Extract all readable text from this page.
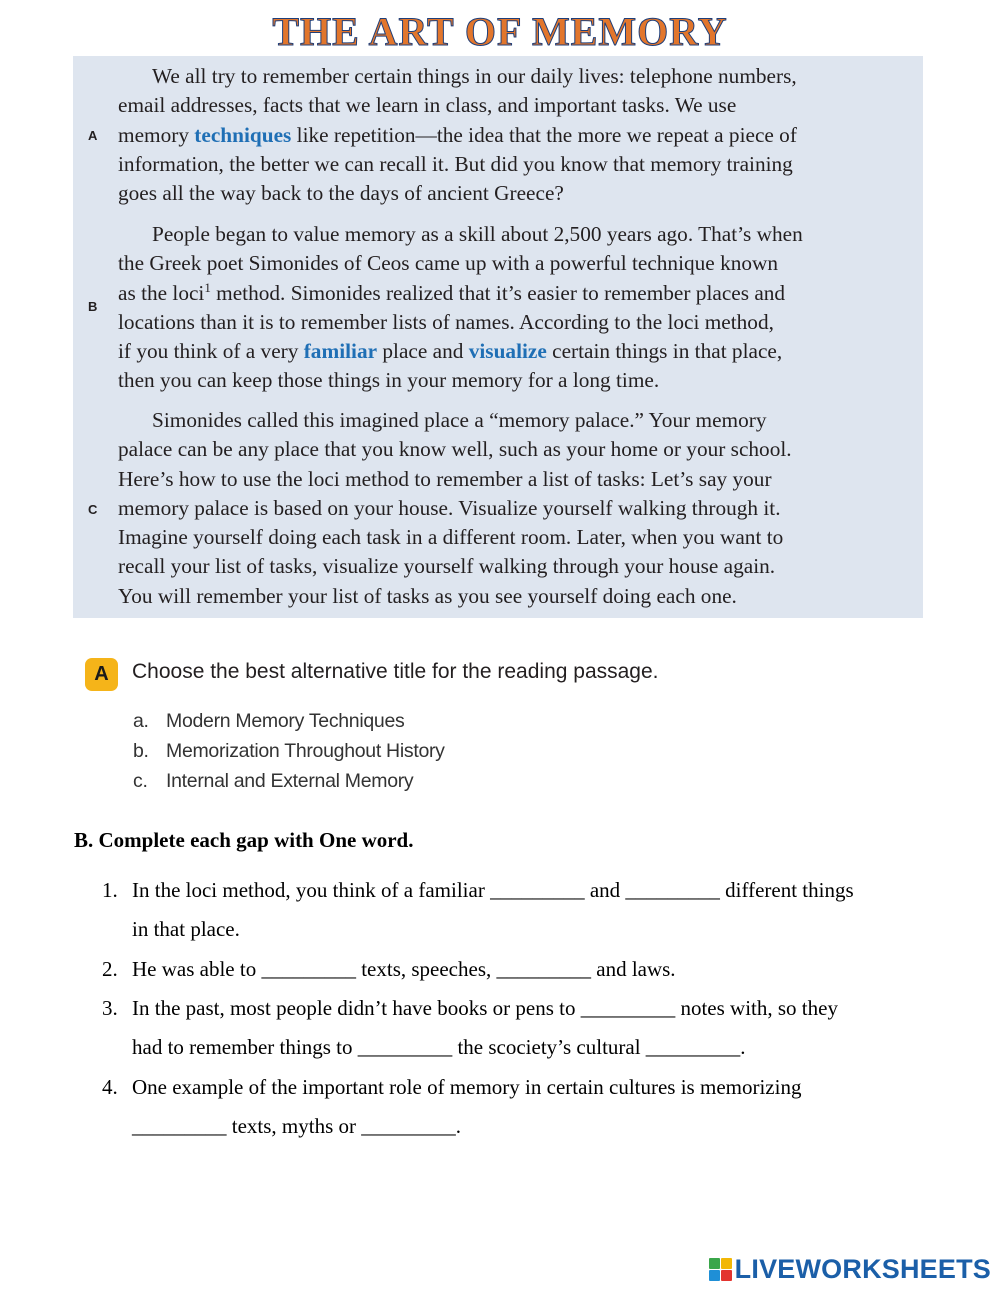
THE ART OF MEMORY
A
B
C
We all try to remember certain things in our daily lives: telephone numbers,
email addresses, facts that we learn in class, and important tasks. We use
memory techniques like repetition—the idea that the more we repeat a piece of
information, the better we can recall it. But did you know that memory training
goes all the way back to the days of ancient Greece?
People began to value memory as a skill about 2,500 years ago. That’s when
the Greek poet Simonides of Ceos came up with a powerful technique known
as the loci$^1$ method. Simonides realized that it’s easier to remember places and
locations than it is to remember lists of names. According to the loci method,
if you think of a very familiar place and visualize certain things in that place,
then you can keep those things in your memory for a long time.
Simonides called this imagined place a “memory palace.” Your memory
palace can be any place that you know well, such as your home or your school.
Here’s how to use the loci method to remember a list of tasks: Let’s say your
memory palace is based on your house. Visualize yourself walking through it.
Imagine yourself doing each task in a different room. Later, when you want to
recall your list of tasks, visualize yourself walking through your house again.
You will remember your list of tasks as you see yourself doing each one.
A	Choose the best alternative title for the reading passage.
a. Modern Memory Techniques
b. Memorization Throughout History
c. Internal and External Memory
B. Complete each gap with One word.
1. In the loci method, you think of a familiar _________ and _________ different things
in that place.
2. He was able to _________ texts, speeches, _________ and laws.
3. In the past, most people didn’t have books or pens to _________ notes with, so they
had to remember things to _________ the scociety’s cultural _________.
4. One example of the important role of memory in certain cultures is memorizing
_________ texts, myths or _________.
LIVEWORKSHEETS
